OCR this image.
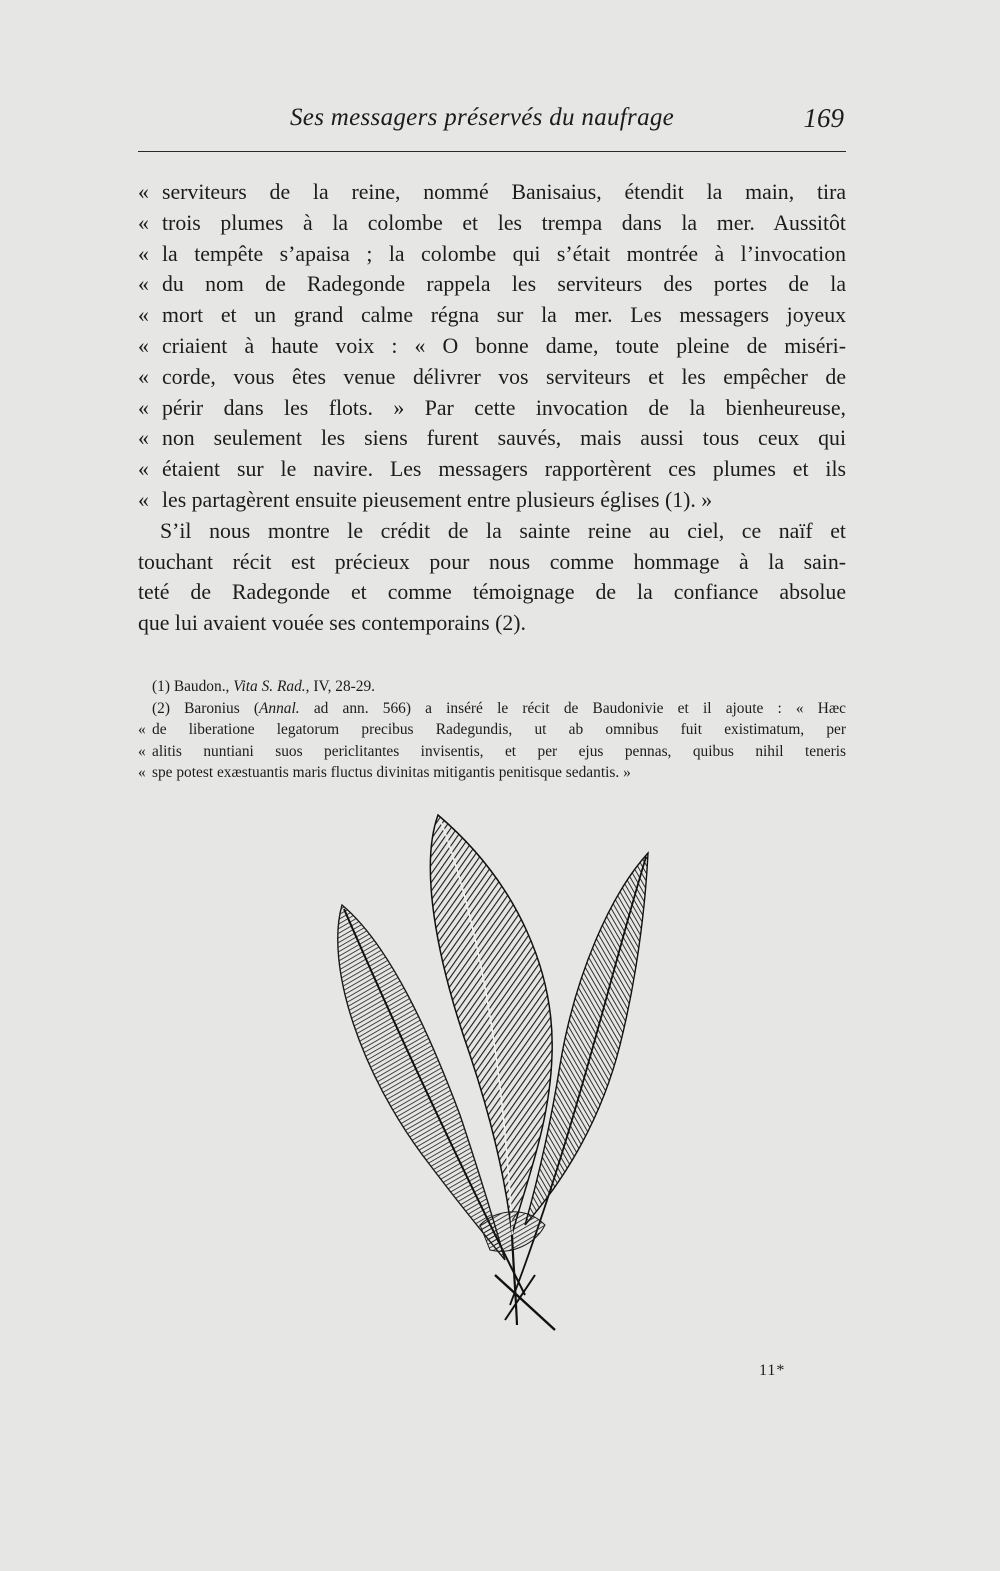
Ses messagers préservés du naufrage	169
« serviteurs de la reine, nommé Banisaius, étendit la main, tira
« trois plumes à la colombe et les trempa dans la mer. Aussitôt
« la tempête s’apaisa ; la colombe qui s’était montrée à l’invocation
« du nom de Radegonde rappela les serviteurs des portes de la
« mort et un grand calme régna sur la mer. Les messagers joyeux
« criaient à haute voix : « O bonne dame, toute pleine de miséri-
« corde, vous êtes venue délivrer vos serviteurs et les empêcher de
« périr dans les flots. » Par cette invocation de la bienheureuse,
« non seulement les siens furent sauvés, mais aussi tous ceux qui
« étaient sur le navire. Les messagers rapportèrent ces plumes et ils
« les partagèrent ensuite pieusement entre plusieurs églises (1). »
S’il nous montre le crédit de la sainte reine au ciel, ce naïf et
touchant récit est précieux pour nous comme hommage à la sain-
teté de Radegonde et comme témoignage de la confiance absolue
que lui avaient vouée ses contemporains (2).
(1) Baudon., Vita S. Rad., IV, 28-29.
(2) Baronius (Annal. ad ann. 566) a inséré le récit de Baudonivie et il ajoute : « Hæc
« de liberatione legatorum precibus Radegundis, ut ab omnibus fuit existimatum, per
« alitis nuntiani suos periclitantes invisentis, et per ejus pennas, quibus nihil teneris
« spe potest exæstuantis maris fluctus divinitas mitigantis penitisque sedantis. »
11*
